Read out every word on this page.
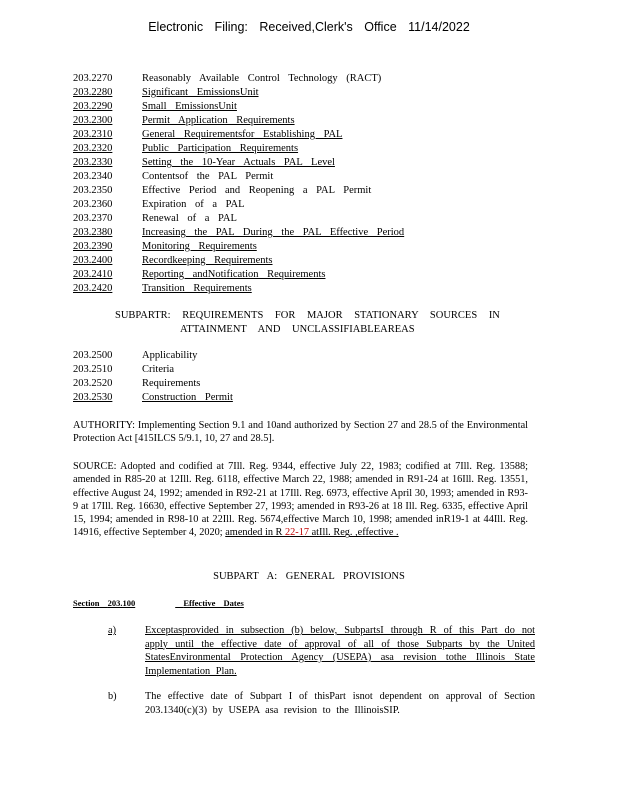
Electronic Filing: Received,Clerk's Office 11/14/2022
203.2270	Reasonably Available Control Technology (RACT)
203.2280	Significant EmissionsUnit
203.2290	Small EmissionsUnit
203.2300	Permit Application Requirements
203.2310	General Requirementsfor Establishing PAL
203.2320	Public Participation Requirements
203.2330	Setting the 10-Year Actuals PAL Level
203.2340	Contentsof the PAL Permit
203.2350	Effective Period and Reopening a PAL Permit
203.2360	Expiration of a PAL
203.2370	Renewal of a PAL
203.2380	Increasing the PAL During the PAL Effective Period
203.2390	Monitoring Requirements
203.2400	Recordkeeping Requirements
203.2410	Reporting andNotification Requirements
203.2420	Transition Requirements
SUBPARTR: REQUIREMENTS FOR MAJOR STATIONARY SOURCES IN
ATTAINMENT AND UNCLASSIFIABLEAREAS
203.2500	Applicability
203.2510	Criteria
203.2520	Requirements
203.2530	Construction Permit
AUTHORITY: Implementing Section 9.1 and 10and authorized by Section 27 and 28.5 of the Environmental Protection Act [415ILCS 5/9.1, 10, 27 and 28.5].
SOURCE: Adopted and codified at 7Ill. Reg. 9344, effective July 22, 1983; codified at 7Ill. Reg. 13588; amended in R85-20 at 12Ill. Reg. 6118, effective March 22, 1988; amended in R91-24 at 16Ill. Reg. 13551, effective August 24, 1992; amended in R92-21 at 17Ill. Reg. 6973, effective April 30, 1993; amended in R93-9 at 17Ill. Reg. 16630, effective September 27, 1993; amended in R93-26 at 18 Ill. Reg. 6335, effective April 15, 1994; amended in R98-10 at 22Ill. Reg. 5674,effective March 10, 1998; amended inR19-1 at 44Ill. Reg. 14916, effective September 4, 2020; amended in R 22-17 atIll. Reg. ,effective .
SUBPART A: GENERAL PROVISIONS
Section 203.100	Effective Dates
a)	Exceptasprovided in subsection (b) below, SubpartsI through R of this Part do not apply until the effective date of approval of all of those Subparts by the United StatesEnvironmental Protection Agency (USEPA) asa revision tothe Illinois State Implementation Plan.
b)	The effective date of Subpart I of thisPart isnot dependent on approval of Section 203.1340(c)(3) by USEPA asa revision to the IllinoisSIP.
